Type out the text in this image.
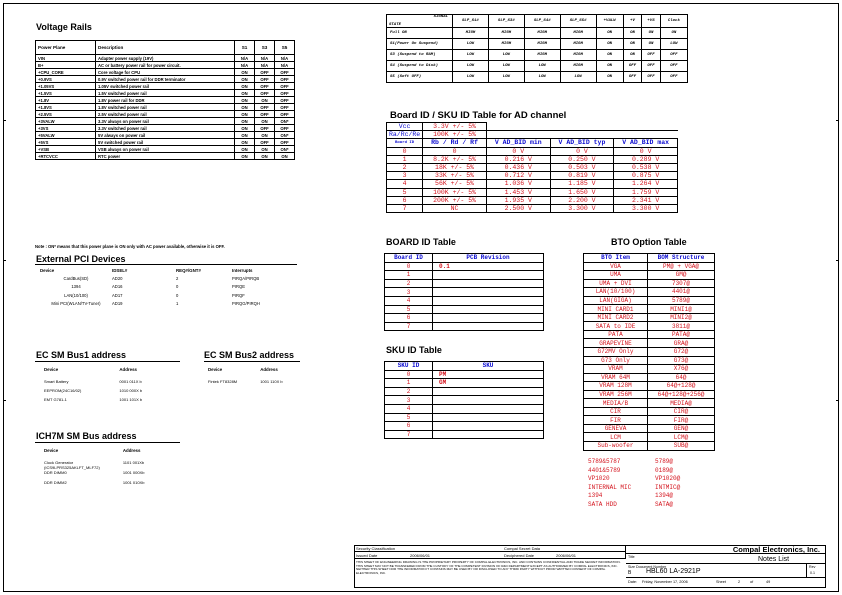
Voltage Rails
Power Plane	Description	S1	S3	S5
VIN	Adapter power supply (19V)	N/A	N/A	N/A
B+	AC or battery power rail for power circuit.	N/A	N/A	N/A
+CPU_CORE	Core voltage for CPU	ON	OFF	OFF
+0.9VS	0.9V switched power rail for DDR terminator	ON	OFF	OFF
+1.05VS	1.05V switched power rail	ON	OFF	OFF
+1.5VS	1.5V switched power rail	ON	OFF	OFF
+1.8V	1.8V power rail for DDR	ON	ON	OFF
+1.8VS	1.8V switched power rail	ON	OFF	OFF
+2.5VS	2.5V switched power rail	ON	OFF	OFF
+3VALW	3.3V always on power rail	ON	ON	ON*
+3VS	3.3V switched power rail	ON	OFF	OFF
+5VALW	5V always on power rail	ON	ON	ON*
+5VS	5V switched power rail	ON	OFF	OFF
+VSB	VSB always on power rail	ON	ON	ON*
+RTCVCC	RTC power	ON	ON	ON
Note : ON* means that this power plane is ON only with AC power available, otherwise it is OFF.
SIGNAL
STATE	SLP_S1#	SLP_S3#	SLP_S4#	SLP_S5#	+VALW	+V	+VS	Clock
Full ON	HIGH	HIGH	HIGH	HIGH	ON	ON	ON	ON
S1(Power On Suspend)	LOW	HIGH	HIGH	HIGH	ON	ON	ON	LOW
S3 (Suspend to RAM)	LOW	LOW	HIGH	HIGH	ON	ON	OFF	OFF
S4 (Suspend to Disk)	LOW	LOW	LOW	HIGH	ON	OFF	OFF	OFF
S5 (Soft OFF)	LOW	LOW	LOW	LOW	ON	OFF	OFF	OFF
Board ID / SKU ID Table for AD channel
Vcc	3.3V +/- 5%			
Ra/Rc/Re	100K +/- 5%			
Board ID	Rb / Rd / Rf	V AD_BID min	V AD_BID typ	V AD_BID max
0	0	0 V	0 V	0 V
1	8.2K +/- 5%	0.216 V	0.250 V	0.289 V
2	18K +/- 5%	0.436 V	0.503 V	0.538 V
3	33K +/- 5%	0.712 V	0.819 V	0.875 V
4	56K +/- 5%	1.036 V	1.185 V	1.264 V
5	100K +/- 5%	1.453 V	1.650 V	1.759 V
6	200K +/- 5%	1.935 V	2.200 V	2.341 V
7	NC	2.500 V	3.300 V	3.300 V
BOARD ID Table
Board ID	PCB Revision
0	0.1
1	
2	
3	
4	
5	
6	
7	
SKU ID Table
SKU ID	SKU
0	PM
1	GM
2	
3	
4	
5	
6	
7	
BTO Option Table
BTO Item	BOM Structure
VGA	PM@ + VGA@
UMA	GM@
UMA + DVI	7307@
LAN(10/100)	4401@
LAN(GIGA)	5789@
MINI CARD1	MINI1@
MINI CARD2	MINI2@
SATA to IDE	3811@
PATA	PATA@
GRAPEVINE	GRA@
G72MV Only	G72@
G73 Only	G73@
VRAM	X76@
VRAM 64M	64@
VRAM 128M	64@+128@
VRAM 256M	64@+128@+256@
MEDIA/B	MEDIA@
CIR	CIR@
FIR	FIR@
GENEVA	GEN@
LCM	LCM@
Sub-woofer	SUB@
5789&5787	5789@
4401&5789	0189@
VP1020	VP1020@
INTERNAL MIC	INTMIC@
1394	1394@
SATA HDD	SATA@
External PCI Devices
Device	IDSEL#	REQ#/GNT#	Interrupts
CardBus(SD)	AD20	2	PIRQA/PIRQB
1394	AD16	0	PIRQE
LAN(10/100)	AD17	0	PIRQF
Mini PCI(WLAN/TV-Tuner)	AD19	1	PIRQG/PIRQH
EC SM Bus1 address
Device	Address
Smart Battery	0001 011X b
EEPROM(24C16/02)	1010 000X b
EMT G781-1	1001 101X b
EC SM Bus2 address
Device	Address
Fintek FT8328M	1001 110X b
ICH7M SM Bus address
Device	Address
Clock Generator (ICS9LPRS325AKLFT_MLF72)	1101 001Xb
DDR DIMM0	1001 000Xb
DDR DIMM2	1001 010Xb
Security Classification	Compal Secret Data
Issued Date	2006/06/01	Deciphered Date	2006/06/01
THIS SHEET OF ENGINEERING DRAWING IS THE PROPRIETARY PROPERTY OF COMPAL ELECTRONICS, INC. AND CONTAINS CONFIDENTIAL AND TRADE SECRET INFORMATION. THIS SHEET MAY NOT BE TRANSFERED FROM THE CUSTODY OF THE COMPETENT DIVISION OF R&D DEPARTMENT EXCEPT AS AUTHORIZED BY COMPAL ELECTRONICS, INC. NEITHER THIS SHEET NOR THE INFORMATION IT CONTAINS MAY BE USED BY OR DISCLOSED TO ANY THIRD PARTY WITHOUT PRIOR WRITTEN CONSENT OF COMPAL ELECTRONICS, INC.
Compal Electronics, Inc.
Title	Notes List
Size Document Number
B HBL60 LA-2921P
Rev
0.1
Date: Friday, November 17, 2006	Sheet	2	of	49
